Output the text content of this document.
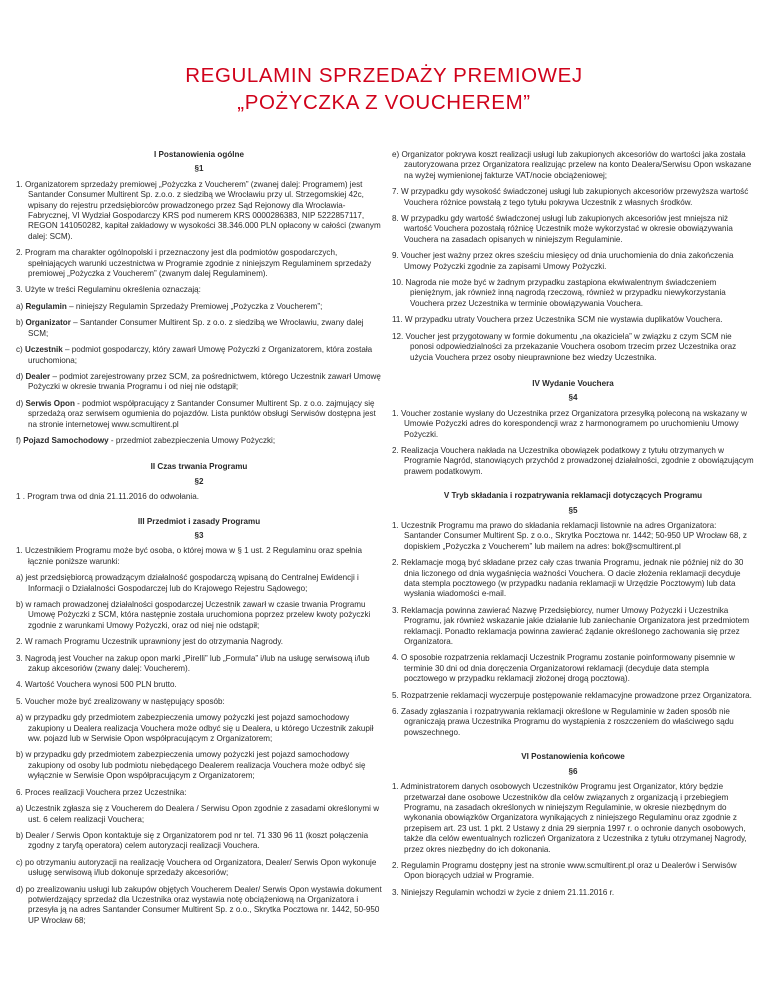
REGULAMIN SPRZEDAŻY PREMIOWEJ
„POŻYCZKA Z VOUCHEREM”

I Postanowienia ogólne

§1

1. Organizatorem sprzedaży premiowej „Pożyczka z Voucherem” (zwanej dalej: Programem) jest Santander Consumer Multirent Sp. z.o.o. z siedzibą we Wrocławiu przy ul. Strzegomskiej 42c, wpisany do rejestru przedsiębiorców prowadzonego przez Sąd Rejonowy dla Wrocławia-Fabrycznej, VI Wydział Gospodarczy KRS pod numerem KRS 0000286383, NIP 5222857117, REGON 141050282, kapitał zakładowy w wysokości 38.346.000 PLN opłacony w całości (zwanym dalej: SCM).

2. Program ma charakter ogólnopolski i przeznaczony jest dla podmiotów gospodarczych, spełniających warunki uczestnictwa w Programie zgodnie z niniejszym Regulaminem sprzedaży premiowej „Pożyczka z Voucherem” (zwanym dalej Regulaminem).

3. Użyte w treści Regulaminu określenia oznaczają:

a) Regulamin – niniejszy Regulamin Sprzedaży Premiowej „Pożyczka z Voucherem”;

b) Organizator – Santander Consumer Multirent Sp. z o.o. z siedzibą we Wrocławiu, zwany dalej SCM;

c) Uczestnik – podmiot gospodarczy, który zawarł Umowę Pożyczki z Organizatorem, która została uruchomiona;

d) Dealer – podmiot zarejestrowany przez SCM, za pośrednictwem, którego Uczestnik zawarł Umowę Pożyczki w okresie trwania Programu i od niej nie odstąpił;

d) Serwis Opon - podmiot współpracujący z Santander Consumer Multirent Sp. z o.o. zajmujący się sprzedażą oraz serwisem ogumienia do pojazdów. Lista punktów obsługi Serwisów dostępna jest na stronie internetowej www.scmultirent.pl

f) Pojazd Samochodowy - przedmiot zabezpieczenia Umowy Pożyczki;

II Czas trwania Programu

§2

1 . Program trwa od dnia 21.11.2016 do odwołania.

III Przedmiot i zasady Programu

§3

1. Uczestnikiem Programu może być osoba, o której mowa w § 1 ust. 2 Regulaminu oraz spełnia łącznie poniższe warunki:

a) jest przedsiębiorcą prowadzącym działalność gospodarczą wpisaną do Centralnej Ewidencji i Informacji o Działalności Gospodarczej lub do Krajowego Rejestru Sądowego;

b) w ramach prowadzonej działalności gospodarczej Uczestnik zawarł w czasie trwania Programu Umowę Pożyczki z SCM, która następnie została uruchomiona poprzez przelew kwoty pożyczki zgodnie z warunkami Umowy Pożyczki, oraz od niej nie odstąpił;

2. W ramach Programu Uczestnik uprawniony jest do otrzymania Nagrody.

3. Nagrodą jest Voucher na zakup opon marki „Pirelli” lub „Formula” i/lub na usługę serwisową i/lub zakup akcesoriów (zwany dalej: Voucherem).

4. Wartość Vouchera wynosi 500 PLN brutto.

5. Voucher może być zrealizowany w następujący sposób:

a) w przypadku gdy przedmiotem zabezpieczenia umowy pożyczki jest pojazd samochodowy zakupiony u Dealera realizacja Vouchera może odbyć się u Dealera, u którego Uczestnik zakupił ww. pojazd lub w Serwisie Opon współpracującym z Organizatorem;

b) w przypadku gdy przedmiotem zabezpieczenia umowy pożyczki jest pojazd samochodowy zakupiony od osoby lub podmiotu niebędącego Dealerem realizacja Vouchera może odbyć się wyłącznie w Serwisie Opon współpracującym z Organizatorem;

6. Proces realizacji Vouchera przez Uczestnika:

a) Uczestnik zgłasza się z Voucherem do Dealera / Serwisu Opon zgodnie z zasadami określonymi w ust. 6 celem realizacji Vouchera;

b) Dealer / Serwis Opon kontaktuje się z Organizatorem pod nr tel. 71 330 96 11 (koszt połączenia zgodny z taryfą operatora) celem autoryzacji realizacji Vouchera.

c) po otrzymaniu autoryzacji na realizację Vouchera od Organizatora, Dealer/ Serwis Opon wykonuje usługę serwisową i/lub dokonuje sprzedaży akcesoriów;

d) po zrealizowaniu usługi lub zakupów objętych Voucherem Dealer/ Serwis Opon wystawia dokument potwierdzający sprzedaż dla Uczestnika oraz wystawia notę obciążeniową na Organizatora i przesyła ją na adres Santander Consumer Multirent Sp. z o.o., Skrytka Pocztowa nr. 1442, 50-950 UP Wrocław 68;

e) Organizator pokrywa koszt realizacji usługi lub zakupionych akcesoriów do wartości jaka została zautoryzowana przez Organizatora realizując przelew na konto Dealera/Serwisu Opon wskazane na wyżej wymienionej fakturze VAT/nocie obciążeniowej;

7. W przypadku gdy wysokość świadczonej usługi lub zakupionych akcesoriów przewyższa wartość Vouchera różnice powstałą z tego tytułu pokrywa Uczestnik z własnych środków.

8. W przypadku gdy wartość świadczonej usługi lub zakupionych akcesoriów jest mniejsza niż wartość Vouchera pozostałą różnicę Uczestnik może wykorzystać w okresie obowiązywania Vouchera na zasadach opisanych w niniejszym Regulaminie.

9. Voucher jest ważny przez okres sześciu miesięcy od dnia uruchomienia do dnia zakończenia Umowy Pożyczki zgodnie za zapisami Umowy Pożyczki.

10. Nagroda nie może być w żadnym przypadku zastąpiona ekwiwalentnym świadczeniem pieniężnym, jak również inną nagrodą rzeczową, również w przypadku niewykorzystania Vouchera przez Uczestnika w terminie obowiązywania Vouchera.

11. W przypadku utraty Vouchera przez Uczestnika SCM nie wystawia duplikatów Vouchera.

12. Voucher jest przygotowany w formie dokumentu „na okaziciela” w związku z czym SCM nie ponosi odpowiedzialności za przekazanie Vouchera osobom trzecim przez Uczestnika oraz użycia Vouchera przez osoby nieuprawnione bez wiedzy Uczestnika.

IV Wydanie Vouchera

§4

1. Voucher zostanie wysłany do Uczestnika przez Organizatora przesyłką poleconą na wskazany w Umowie Pożyczki adres do korespondencji wraz z harmonogramem po uruchomieniu Umowy Pożyczki.

2. Realizacja Vouchera nakłada na Uczestnika obowiązek podatkowy z tytułu otrzymanych w Programie Nagród, stanowiących przychód z prowadzonej działalności, zgodnie z obowiązującym prawem podatkowym.

V Tryb składania i rozpatrywania reklamacji dotyczących Programu

§5

1. Uczestnik Programu ma prawo do składania reklamacji listownie na adres Organizatora: Santander Consumer Multirent Sp. z o.o., Skrytka Pocztowa nr. 1442; 50-950 UP Wrocław 68, z dopiskiem „Pożyczka z Voucherem” lub mailem na adres: bok@scmultirent.pl

2. Reklamacje mogą być składane przez cały czas trwania Programu, jednak nie później niż do 30 dnia liczonego od dnia wygaśnięcia ważności Vouchera. O dacie złożenia reklamacji decyduje data stempla pocztowego (w przypadku nadania reklamacji w Urzędzie Pocztowym) lub data wysłania wiadomości e-mail.

3. Reklamacja powinna zawierać Nazwę Przedsiębiorcy, numer Umowy Pożyczki i Uczestnika Programu, jak również wskazanie jakie działanie lub zaniechanie Organizatora jest przedmiotem reklamacji. Ponadto reklamacja powinna zawierać żądanie określonego zachowania się przez Organizatora.

4. O sposobie rozpatrzenia reklamacji Uczestnik Programu zostanie poinformowany pisemnie w terminie 30 dni od dnia doręczenia Organizatorowi reklamacji (decyduje data stempla pocztowego w przypadku reklamacji złożonej drogą pocztową).

5. Rozpatrzenie reklamacji wyczerpuje postępowanie reklamacyjne prowadzone przez Organizatora.

6. Zasady zgłaszania i rozpatrywania reklamacji określone w Regulaminie w żaden sposób nie ograniczają prawa Uczestnika Programu do wystąpienia z roszczeniem do właściwego sądu powszechnego.

VI Postanowienia końcowe

§6

1. Administratorem danych osobowych Uczestników Programu jest Organizator, który będzie przetwarzał dane osobowe Uczestników dla celów związanych z organizacją i przebiegiem Programu, na zasadach określonych w niniejszym Regulaminie, w okresie niezbędnym do wykonania obowiązków Organizatora wynikających z niniejszego Regulaminu oraz zgodnie z przepisem art. 23 ust. 1 pkt. 2 Ustawy z dnia 29 sierpnia 1997 r. o ochronie danych osobowych, także dla celów ewentualnych rozliczeń Organizatora z Uczestnika z tytułu otrzymanej Nagrody, przez okres niezbędny do ich dokonania.

2. Regulamin Programu dostępny jest na stronie www.scmultirent.pl oraz u Dealerów i Serwisów Opon biorących udział w Programie.

3. Niniejszy Regulamin wchodzi w życie z dniem 21.11.2016 r.
